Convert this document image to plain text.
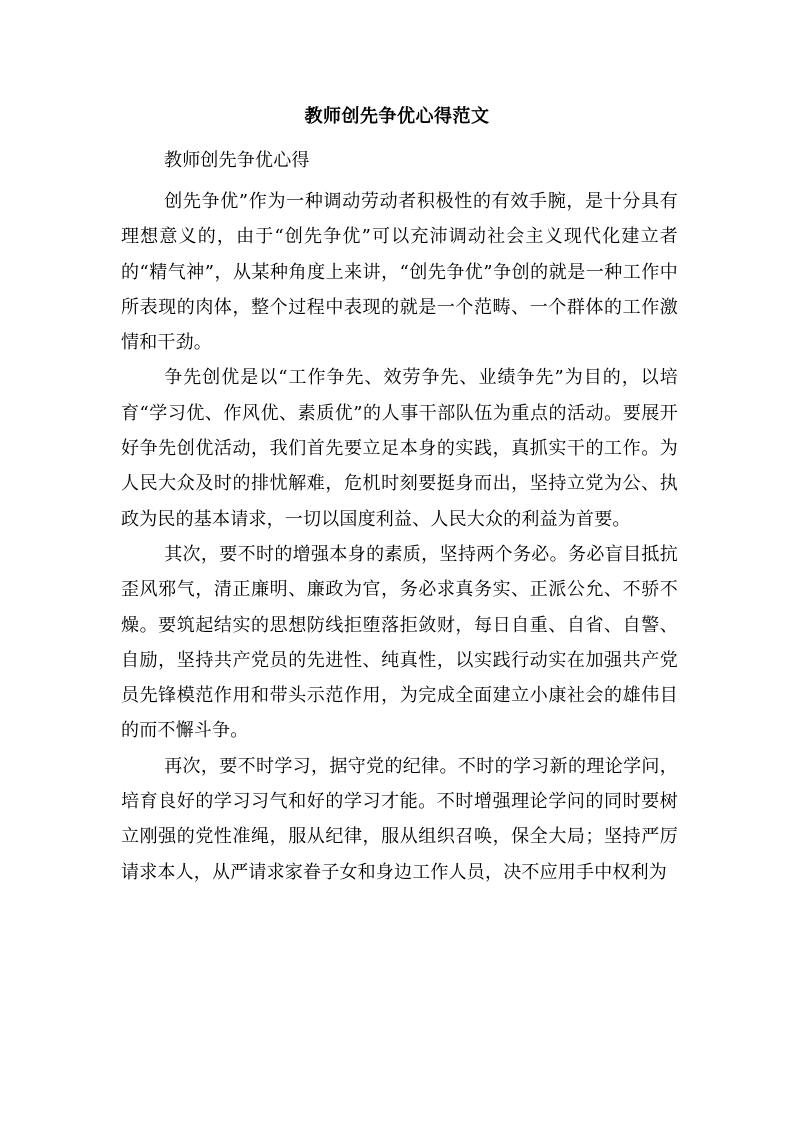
教师创先争优心得范文
教师创先争优心得

创先争优”作为一种调动劳动者积极性的有效手腕，是十分具有理想意义的，由于“创先争优”可以充沛调动社会主义现代化建立者的“精气神”，从某种角度上来讲，“创先争优”争创的就是一种工作中所表现的肉体，整个过程中表现的就是一个范畴、一个群体的工作激情和干劲。

争先创优是以“工作争先、效劳争先、业绩争先”为目的，以培育“学习优、作风优、素质优”的人事干部队伍为重点的活动。要展开好争先创优活动，我们首先要立足本身的实践，真抓实干的工作。为人民大众及时的排忧解难，危机时刻要挺身而出，坚持立党为公、执政为民的基本请求，一切以国度利益、人民大众的利益为首要。

其次，要不时的增强本身的素质，坚持两个务必。务必盲目抵抗歪风邪气，清正廉明、廉政为官，务必求真务实、正派公允、不骄不燥。要筑起结实的思想防线拒堕落拒敛财，每日自重、自省、自警、自励，坚持共产党员的先进性、纯真性，以实践行动实在加强共产党员先锋模范作用和带头示范作用，为完成全面建立小康社会的雄伟目的而不懈斗争。

再次，要不时学习，据守党的纪律。不时的学习新的理论学问，培育良好的学习习气和好的学习才能。不时增强理论学问的同时要树立刚强的党性准绳，服从纪律，服从组织召唤，保全大局；坚持严厉请求本人，从严请求家眷子女和身边工作人员，决不应用手中权利为
